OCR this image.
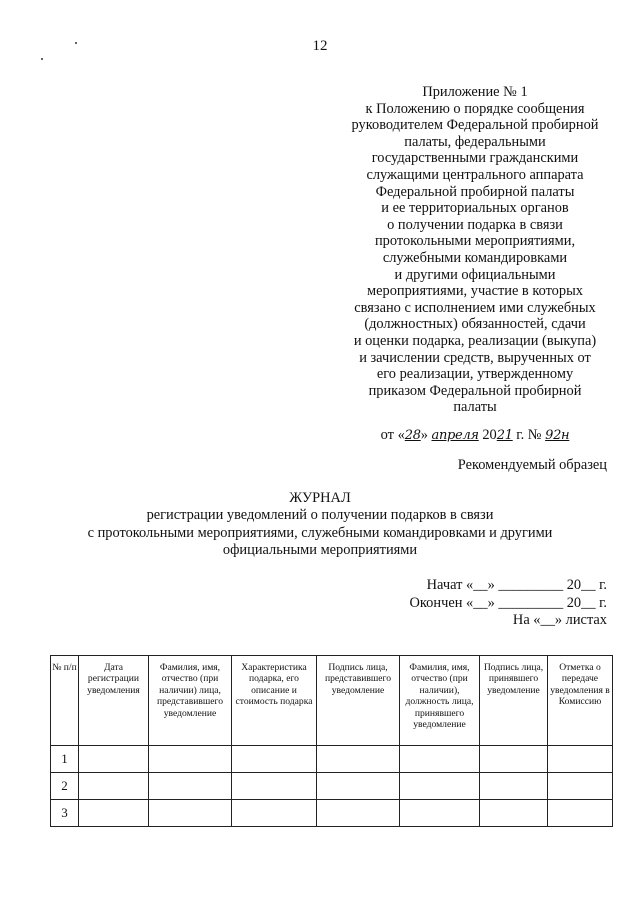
12
Приложение № 1
к Положению о порядке сообщения
руководителем Федеральной пробирной
палаты, федеральными
государственными гражданскими
служащими центрального аппарата
Федеральной пробирной палаты
и ее территориальных органов
о получении подарка в связи
протокольными мероприятиями,
служебными командировками
и другими официальными
мероприятиями, участие в которых
связано с исполнением ими служебных
(должностных) обязанностей, сдачи
и оценки подарка, реализации (выкупа)
и зачислении средств, вырученных от
его реализации, утвержденному
приказом Федеральной пробирной
палаты
от «28» апреля 2021 г. № 92н
Рекомендуемый образец
ЖУРНАЛ
регистрации уведомлений о получении подарков в связи
с протокольными мероприятиями, служебными командировками и другими
официальными мероприятиями
Начат «__» _________ 20__ г.
Окончен «__» _________ 20__ г.
На «__» листах
№ п/п	Дата регистрации уведомления	Фамилия, имя, отчество (при наличии) лица, представившего уведомление	Характеристика подарка, его описание и стоимость подарка	Подпись лица, представившего уведомление	Фамилия, имя, отчество (при наличии), должность лица, принявшего уведомление	Подпись лица, принявшего уведомление	Отметка о передаче уведомления в Комиссию
1							
2							
3							
